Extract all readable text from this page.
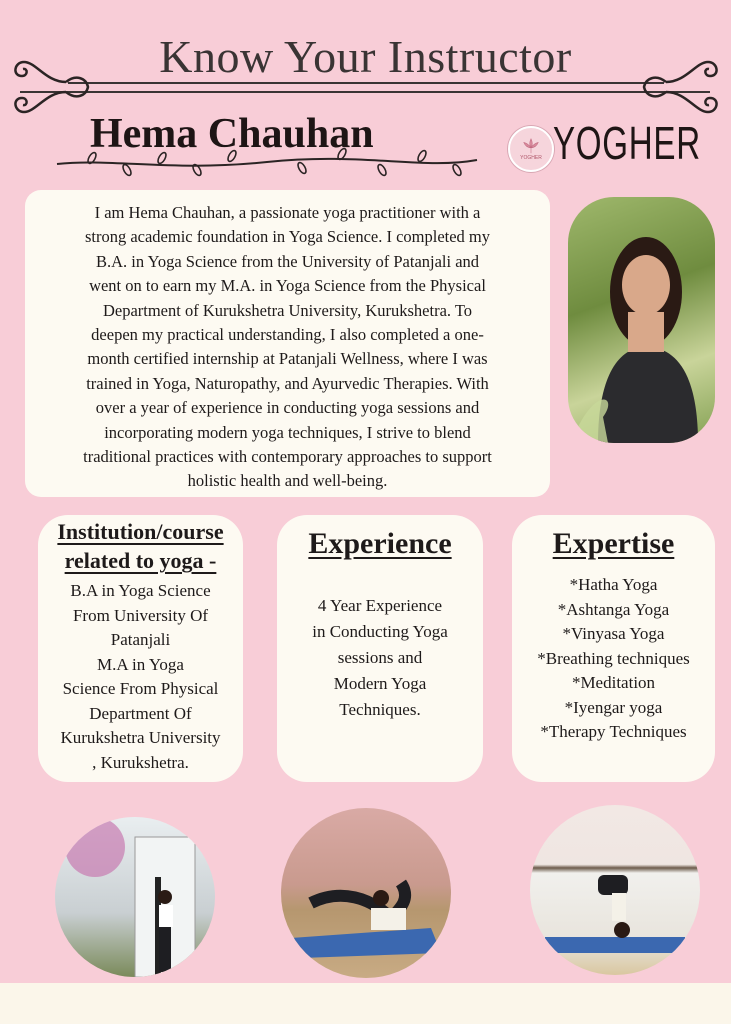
Know Your Instructor
Hema Chauhan
YOGHER YOGHER
I am Hema Chauhan, a passionate yoga practitioner with a
strong academic foundation in Yoga Science. I completed my
B.A. in Yoga Science from the University of Patanjali and
went on to earn my M.A. in Yoga Science from the Physical
Department of Kurukshetra University, Kurukshetra. To
deepen my practical understanding, I also completed a one-
month certified internship at Patanjali Wellness, where I was
trained in Yoga, Naturopathy, and Ayurvedic Therapies. With
over a year of experience in conducting yoga sessions and
incorporating modern yoga techniques, I strive to blend
traditional practices with contemporary approaches to support
holistic health and well-being.
Institution/course
related to yoga -
B.A in Yoga Science
From University Of
Patanjali
M.A in Yoga
Science From Physical
Department Of
Kurukshetra University
, Kurukshetra.
Experience
4 Year Experience
in Conducting Yoga
sessions and
Modern Yoga
Techniques.
Expertise
*Hatha Yoga
*Ashtanga Yoga
*Vinyasa Yoga
*Breathing techniques
*Meditation
*Iyengar yoga
*Therapy Techniques
